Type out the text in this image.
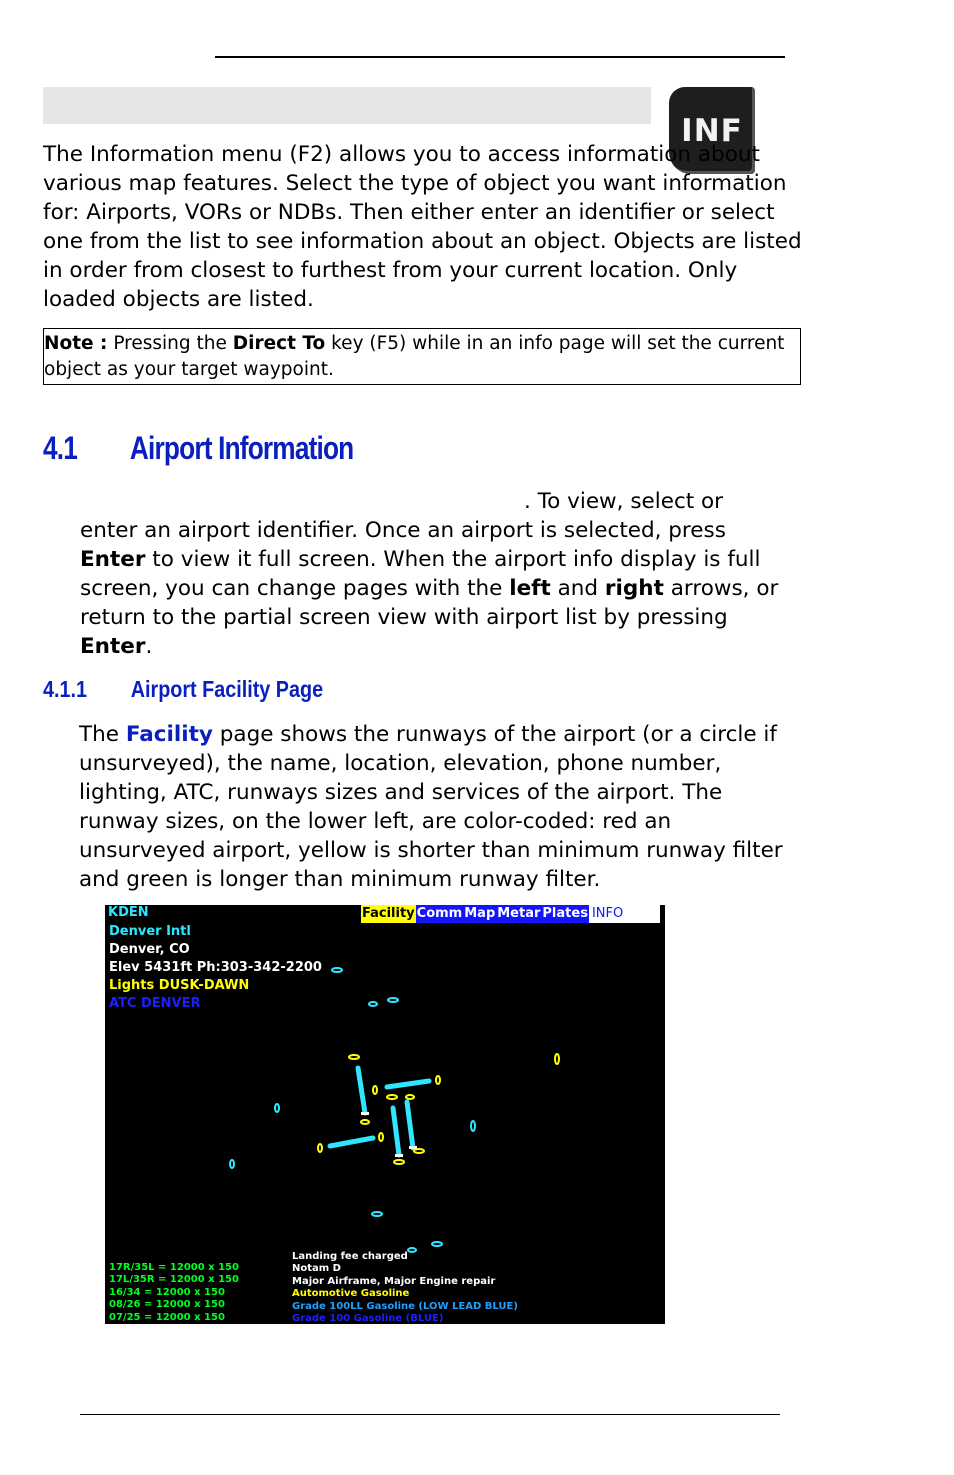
INF
The Information menu (F2) allows you to access information about various map features. Select the type of object you want information for: Airports, VORs or NDBs. Then either enter an identifier or select one from the list to see information about an object. Objects are listed in order from closest to furthest from your current location. Only loaded objects are listed.
Note : Pressing the Direct To key (F5) while in an info page will set the current object as your target waypoint.
4.1 Airport Information
. To view, select or
enter an airport identifier. Once an airport is selected, press Enter to view it full screen. When the airport info display is full screen, you can change pages with the left and right arrows, or return to the partial screen view with airport list by pressing Enter.
4.1.1 Airport Facility Page
The Facility page shows the runways of the airport (or a circle if unsurveyed), the name, location, elevation, phone number, lighting, ATC, runways sizes and services of the airport. The runway sizes, on the lower left, are color-coded: red an unsurveyed airport, yellow is shorter than minimum runway filter and green is longer than minimum runway filter.
KDEN	Facility Comm Map Metar Plates INFO
Denver Intl
Denver, CO
Elev 5431ft Ph:303-342-2200
Lights DUSK-DAWN
ATC DENVER
17R/35L = 12000 x 150
17L/35R = 12000 x 150
16/34 = 12000 x 150
08/26 = 12000 x 150
07/25 = 12000 x 150
Landing fee charged
Notam D
Major Airframe, Major Engine repair
Automotive Gasoline
Grade 100LL Gasoline (LOW LEAD BLUE)
Grade 100 Gasoline (BLUE)
